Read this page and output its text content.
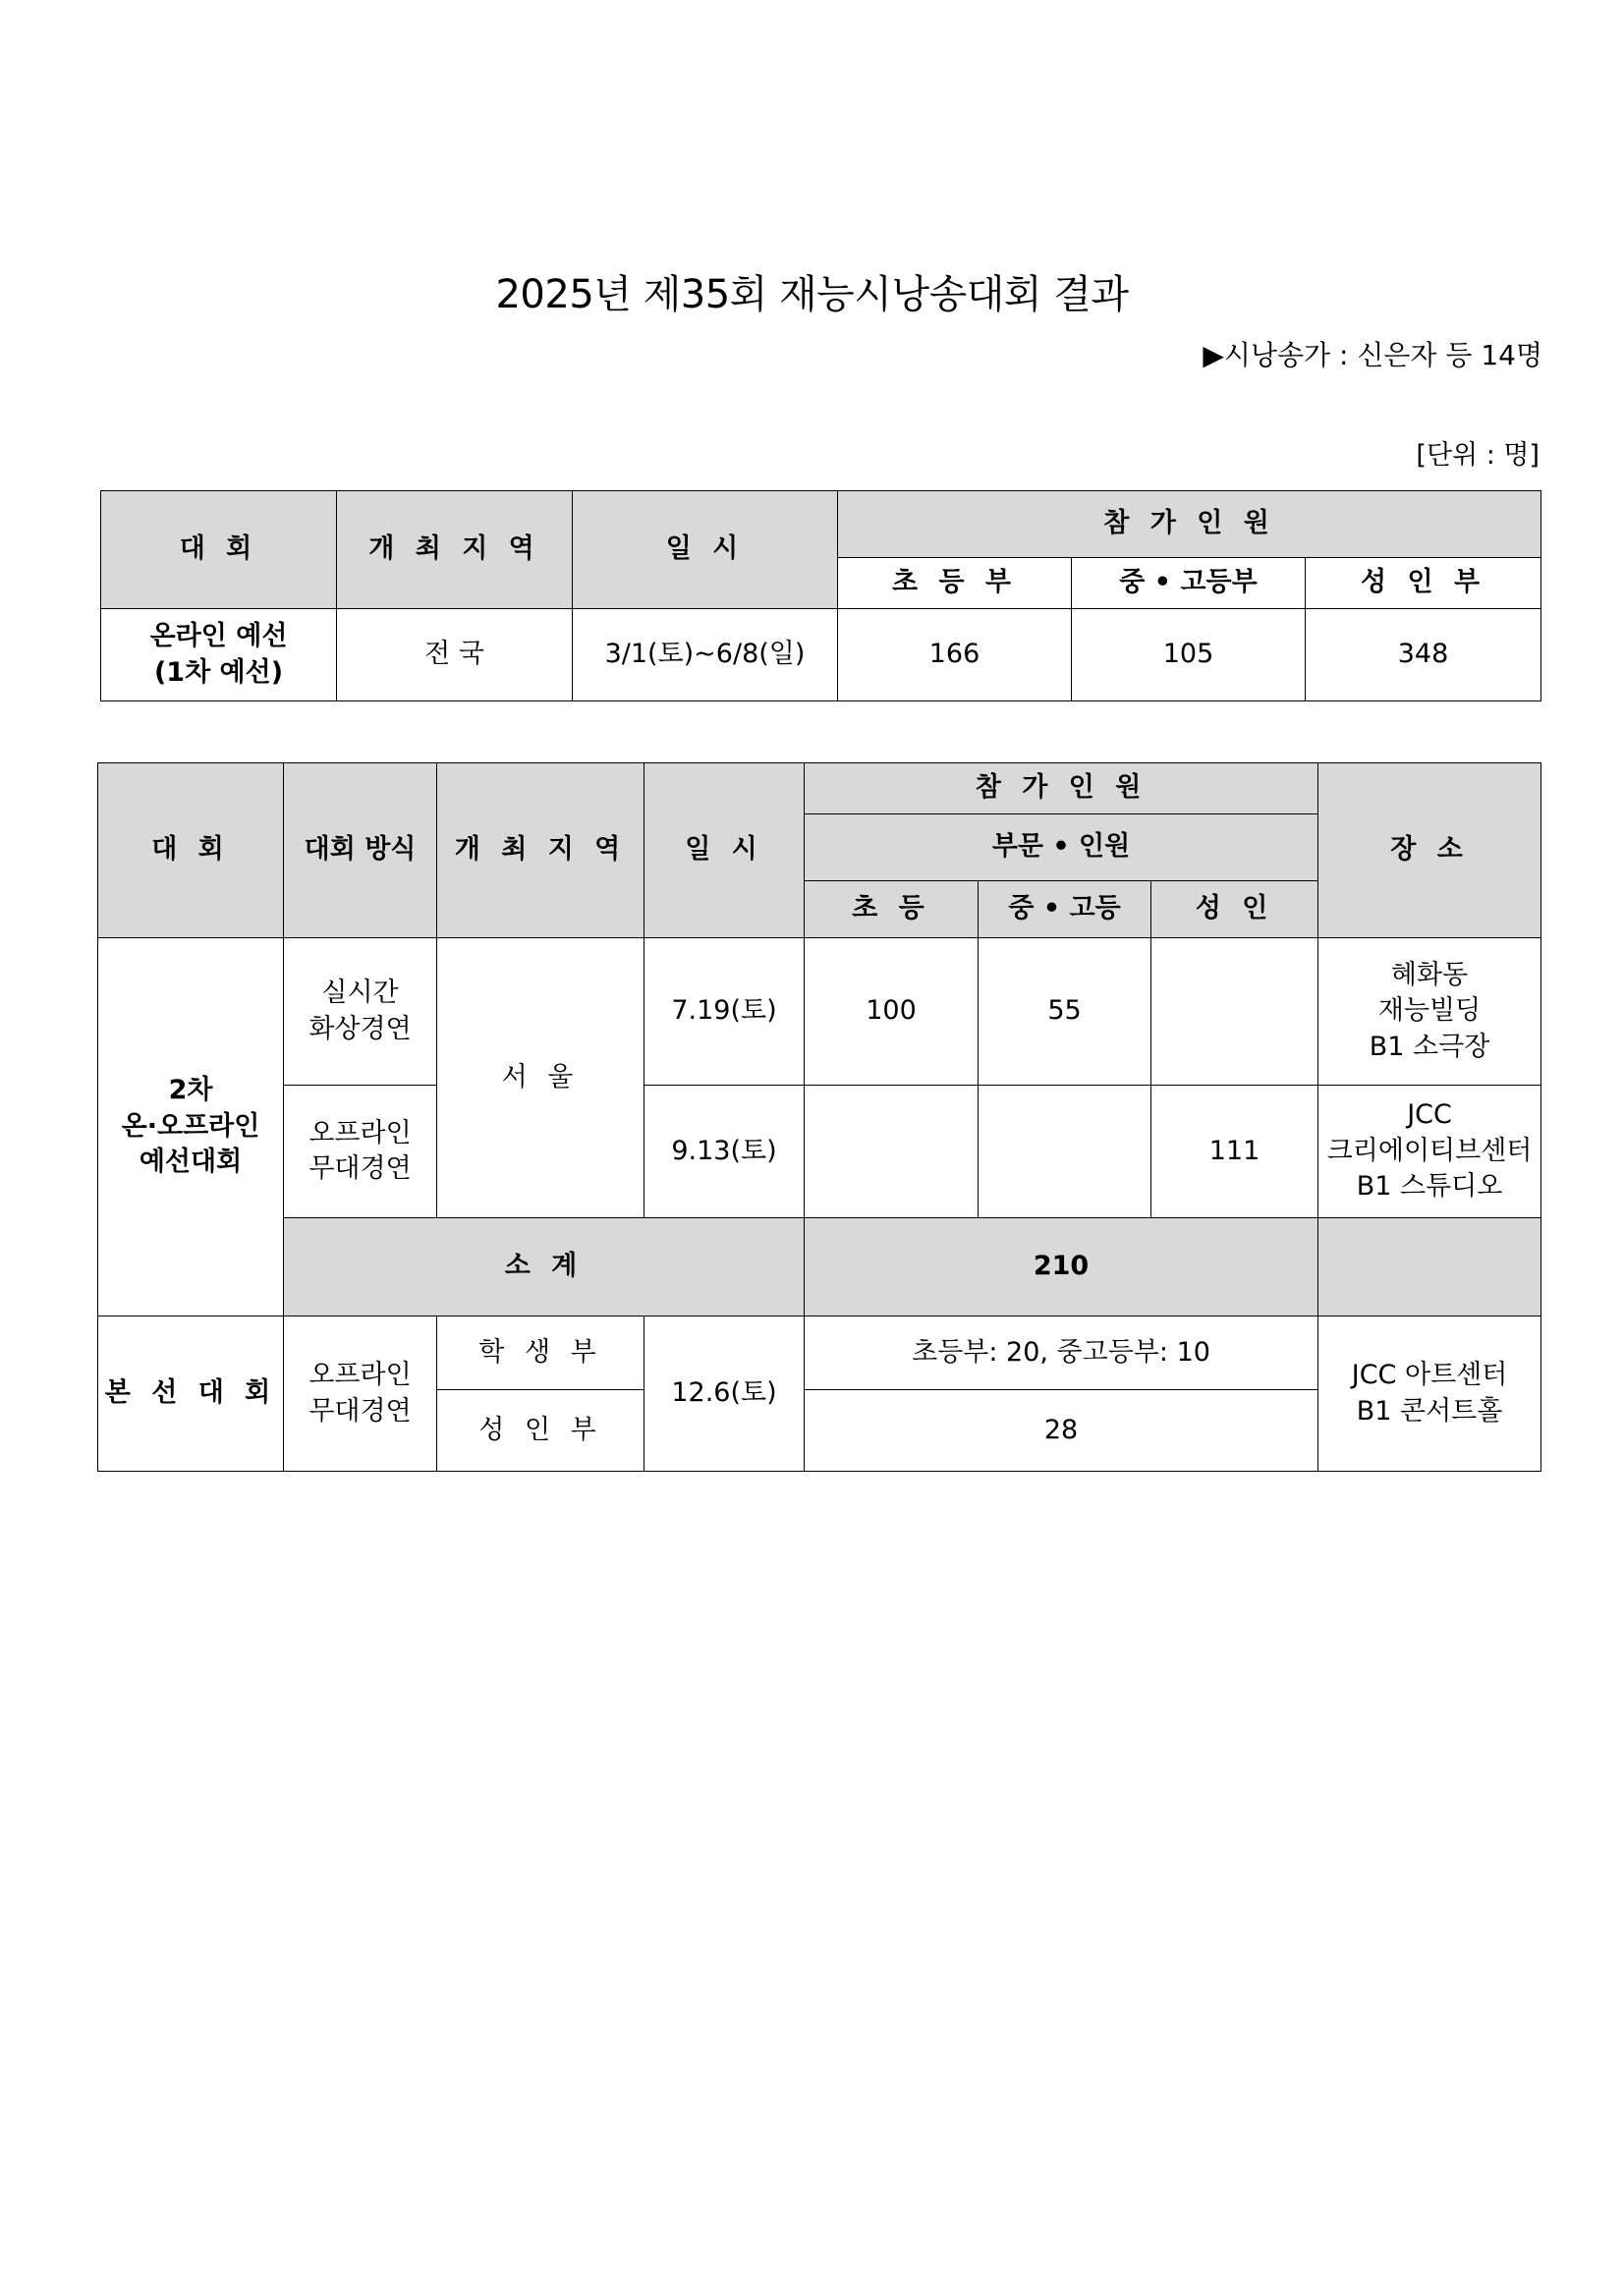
2025년 제35회 재능시낭송대회 결과
▶시낭송가 : 신은자 등 14명
[단위 : 명]
대 회	개 최 지 역	일 시	참 가 인 원		
			초 등 부	중 • 고등부	성 인 부

온라인 예선
(1차 예선)	전 국	3/1(토)~6/8(일)	166	105	348
대 회	대회 방식	개 최 지 역	일 시	참 가 인 원			장 소
				부문 • 인원			
				초 등	중 • 고등	성 인	

2차
온·오프라인
예선대회	실시간
화상경연	서 울	7.19(토)	100	55		혜화동
재능빌딩
B1 소극장

	오프라인
무대경연		9.13(토)			111	JCC
크리에이티브센터
B1 스튜디오

	소 계			210			
본 선 대 회	오프라인
무대경연	학 생 부	12.6(토)	초등부: 20, 중고등부: 10			JCC 아트센터
B1 콘서트홀

		성 인 부		28			
